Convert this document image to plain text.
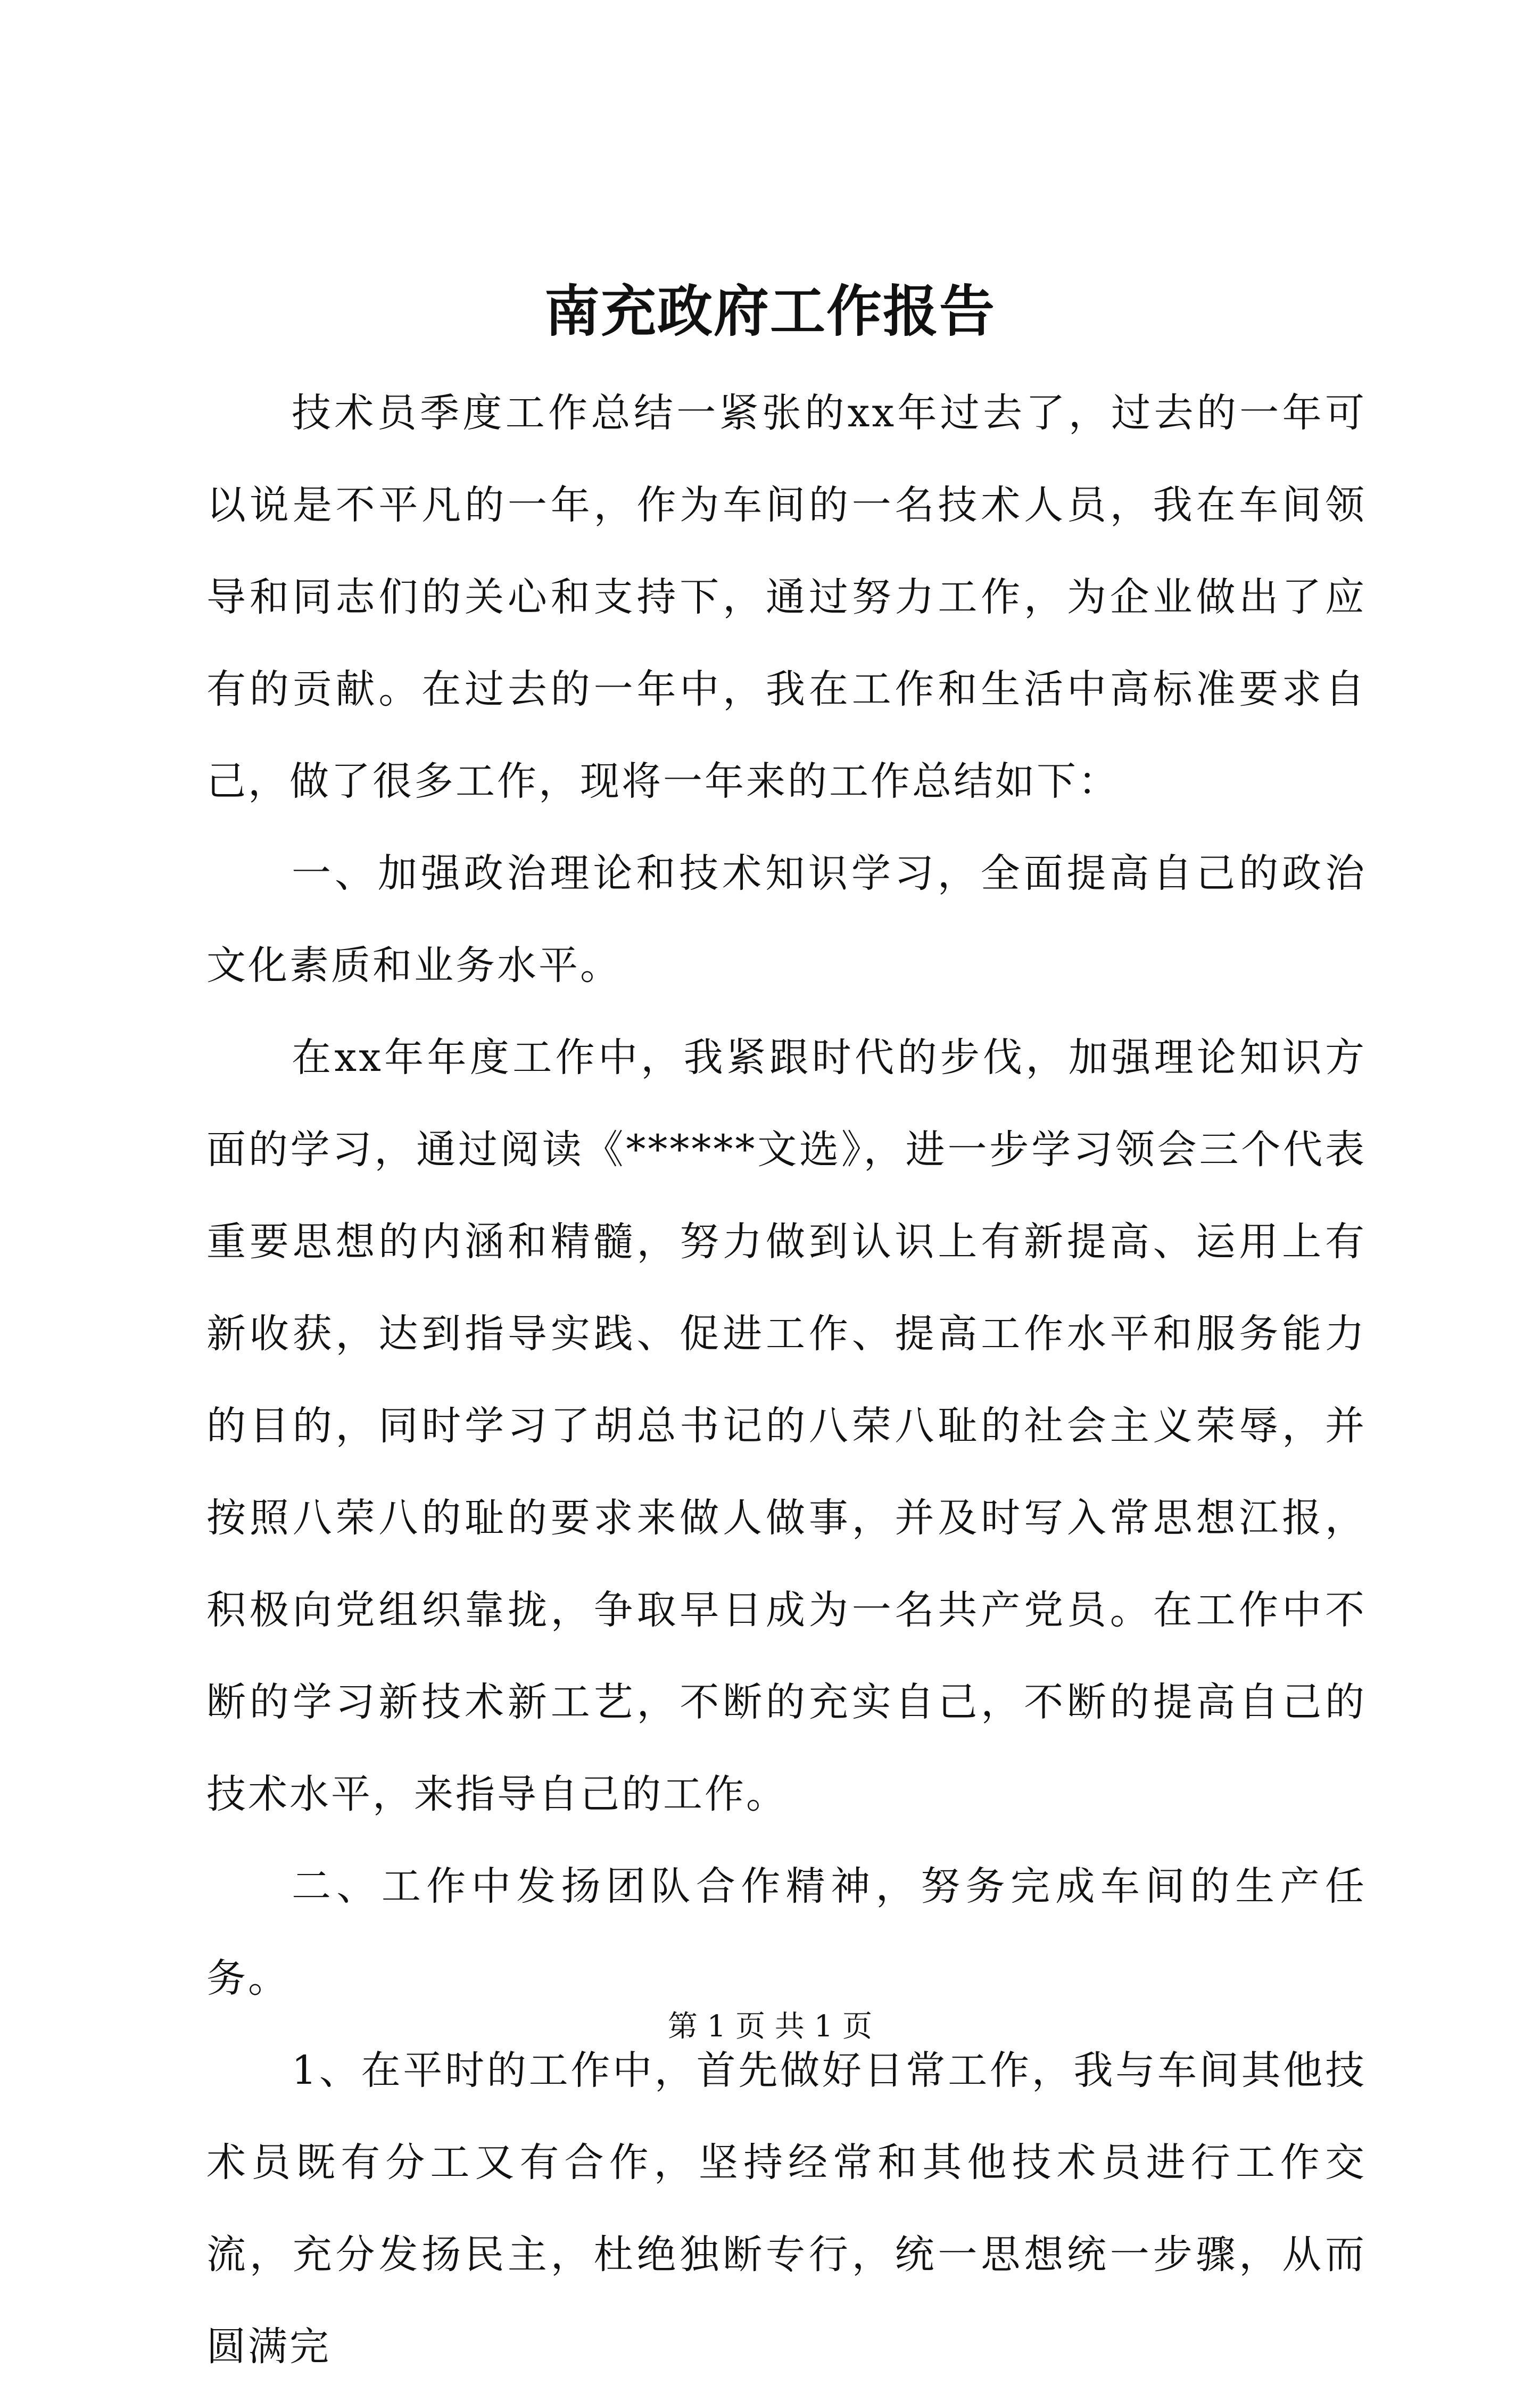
南充政府工作报告

技术员季度工作总结一紧张的xx年过去了，过去的一年可以说是不平凡的一年，作为车间的一名技术人员，我在车间领导和同志们的关心和支持下，通过努力工作，为企业做出了应有的贡献。在过去的一年中，我在工作和生活中高标准要求自己，做了很多工作，现将一年来的工作总结如下：

一、加强政治理论和技术知识学习，全面提高自己的政治文化素质和业务水平。

在xx年年度工作中，我紧跟时代的步伐，加强理论知识方面的学习，通过阅读《******文选》，进一步学习领会三个代表重要思想的内涵和精髓，努力做到认识上有新提高、运用上有新收获，达到指导实践、促进工作、提高工作水平和服务能力的目的，同时学习了胡总书记的八荣八耻的社会主义荣辱，并按照八荣八的耻的要求来做人做事，并及时写入常思想江报，积极向党组织靠拢，争取早日成为一名共产党员。在工作中不断的学习新技术新工艺，不断的充实自己，不断的提高自己的技术水平，来指导自己的工作。

二、工作中发扬团队合作精神，努务完成车间的生产任务。

1、在平时的工作中，首先做好日常工作，我与车间其他技术员既有分工又有合作，坚持经常和其他技术员进行工作交流，充分发扬民主，杜绝独断专行，统一思想统一步骤，从而圆满完

第 1 页 共 1 页
